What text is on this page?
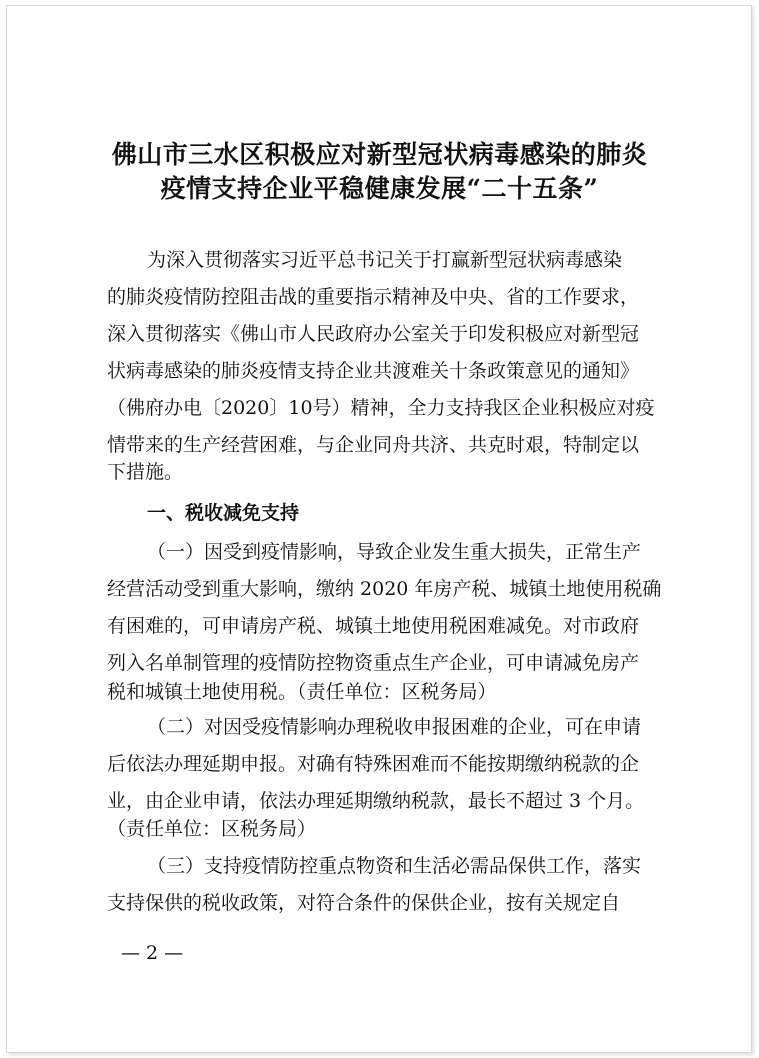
佛山市三水区积极应对新型冠状病毒感染的肺炎
疫情支持企业平稳健康发展“二十五条”
为深入贯彻落实习近平总书记关于打赢新型冠状病毒感染
的肺炎疫情防控阻击战的重要指示精神及中央、省的工作要求，
深入贯彻落实《佛山市人民政府办公室关于印发积极应对新型冠
状病毒感染的肺炎疫情支持企业共渡难关十条政策意见的通知》
（佛府办电〔2020〕10号）精神，全力支持我区企业积极应对疫
情带来的生产经营困难，与企业同舟共济、共克时艰，特制定以
下措施。
一、税收减免支持
（一）因受到疫情影响，导致企业发生重大损失，正常生产
经营活动受到重大影响，缴纳 2020 年房产税、城镇土地使用税确
有困难的，可申请房产税、城镇土地使用税困难减免。对市政府
列入名单制管理的疫情防控物资重点生产企业，可申请减免房产
税和城镇土地使用税。（责任单位：区税务局）
（二）对因受疫情影响办理税收申报困难的企业，可在申请
后依法办理延期申报。对确有特殊困难而不能按期缴纳税款的企
业，由企业申请，依法办理延期缴纳税款，最长不超过 3 个月。
（责任单位：区税务局）
（三）支持疫情防控重点物资和生活必需品保供工作，落实
支持保供的税收政策，对符合条件的保供企业，按有关规定自
— 2 —
